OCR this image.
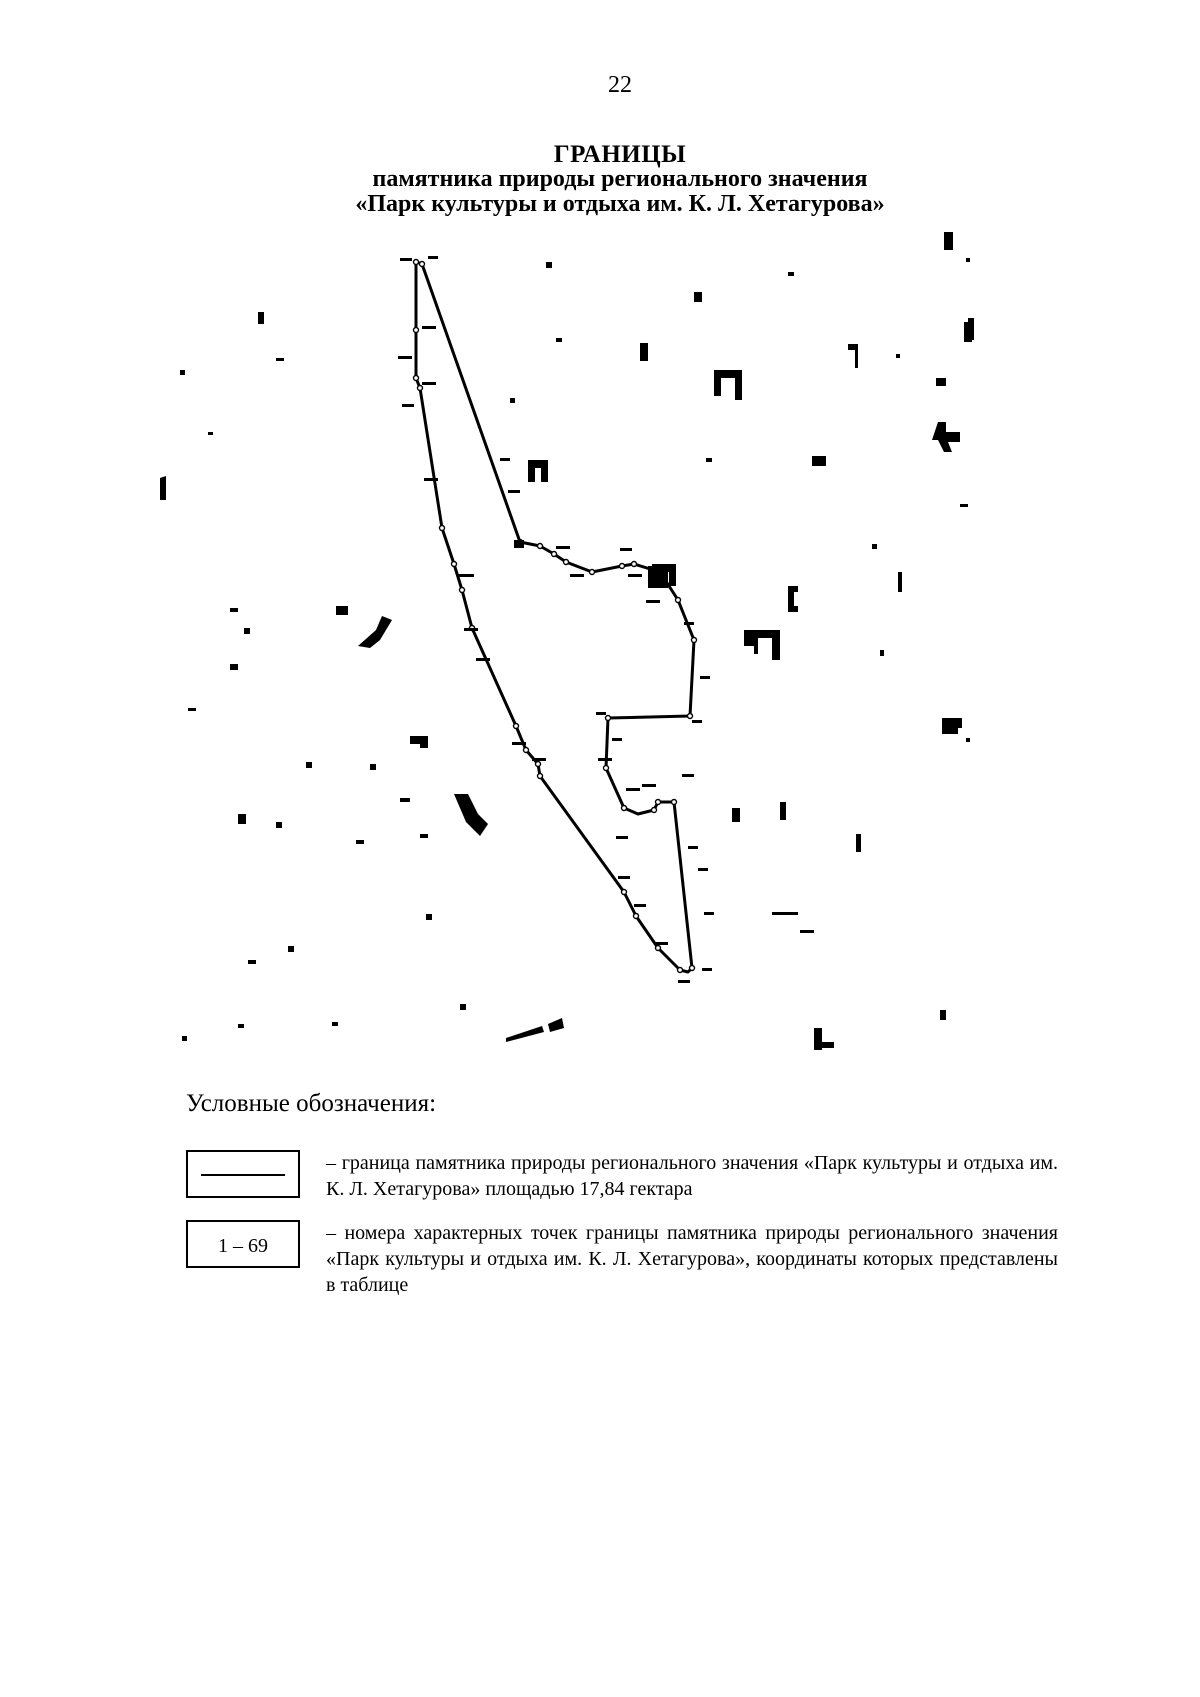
22
ГРАНИЦЫ
памятника природы регионального значения
«Парк культуры и отдыха им. К. Л. Хетагурова»
Условные обозначения:
– граница памятника природы регионального значения «Парк культуры и отдыха им. К. Л. Хетагурова» площадью 17,84 гектара
1 – 69
– номера характерных точек границы памятника природы регионального значения «Парк культуры и отдыха им. К. Л. Хетагурова», координаты которых представлены в таблице
